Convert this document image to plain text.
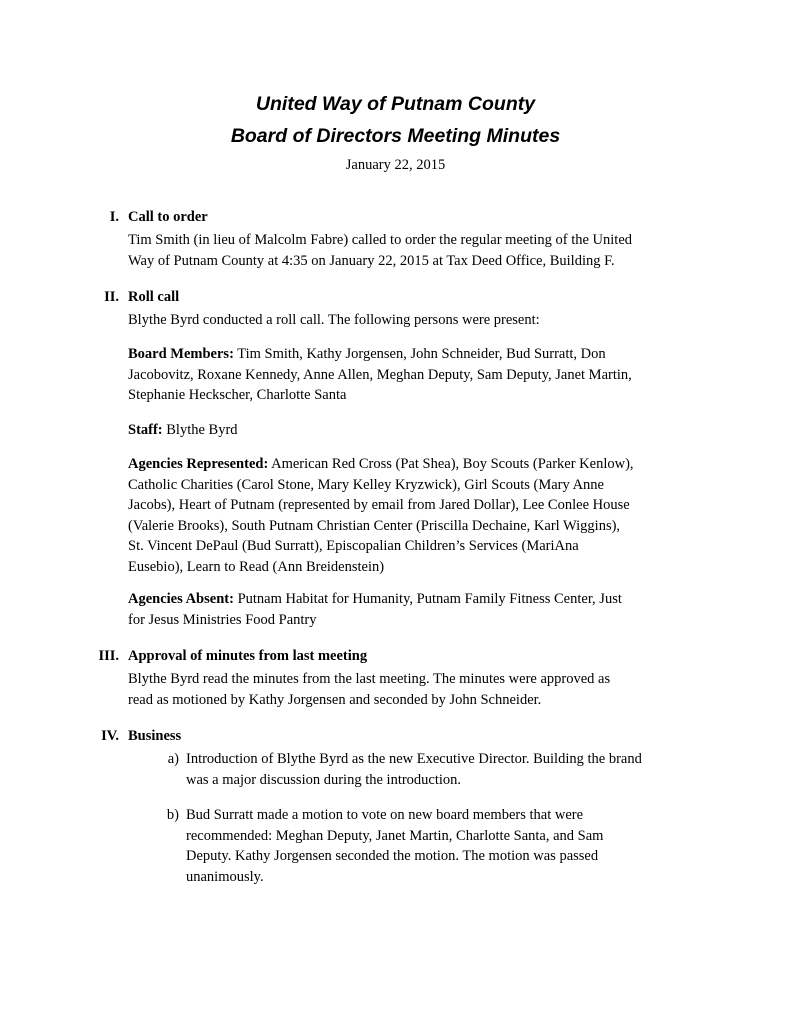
United Way of Putnam County
Board of Directors Meeting Minutes

January 22, 2015

I. Call to order

Tim Smith (in lieu of Malcolm Fabre) called to order the regular meeting of the United
Way of Putnam County at 4:35 on January 22, 2015 at Tax Deed Office, Building F.

II. Roll call

Blythe Byrd conducted a roll call. The following persons were present:

Board Members: Tim Smith, Kathy Jorgensen, John Schneider, Bud Surratt, Don
Jacobovitz, Roxane Kennedy, Anne Allen, Meghan Deputy, Sam Deputy, Janet Martin,
Stephanie Heckscher, Charlotte Santa

Staff: Blythe Byrd

Agencies Represented: American Red Cross (Pat Shea), Boy Scouts (Parker Kenlow),
Catholic Charities (Carol Stone, Mary Kelley Kryzwick), Girl Scouts (Mary Anne
Jacobs), Heart of Putnam (represented by email from Jared Dollar), Lee Conlee House
(Valerie Brooks), South Putnam Christian Center (Priscilla Dechaine, Karl Wiggins),
St. Vincent DePaul (Bud Surratt), Episcopalian Children’s Services (MariAna
Eusebio), Learn to Read (Ann Breidenstein)

Agencies Absent: Putnam Habitat for Humanity, Putnam Family Fitness Center, Just
for Jesus Ministries Food Pantry

III. Approval of minutes from last meeting

Blythe Byrd read the minutes from the last meeting. The minutes were approved as
read as motioned by Kathy Jorgensen and seconded by John Schneider.

IV. Business
a) Introduction of Blythe Byrd as the new Executive Director. Building the brand
was a major discussion during the introduction.

b) Bud Surratt made a motion to vote on new board members that were
recommended: Meghan Deputy, Janet Martin, Charlotte Santa, and Sam
Deputy. Kathy Jorgensen seconded the motion. The motion was passed
unanimously.
